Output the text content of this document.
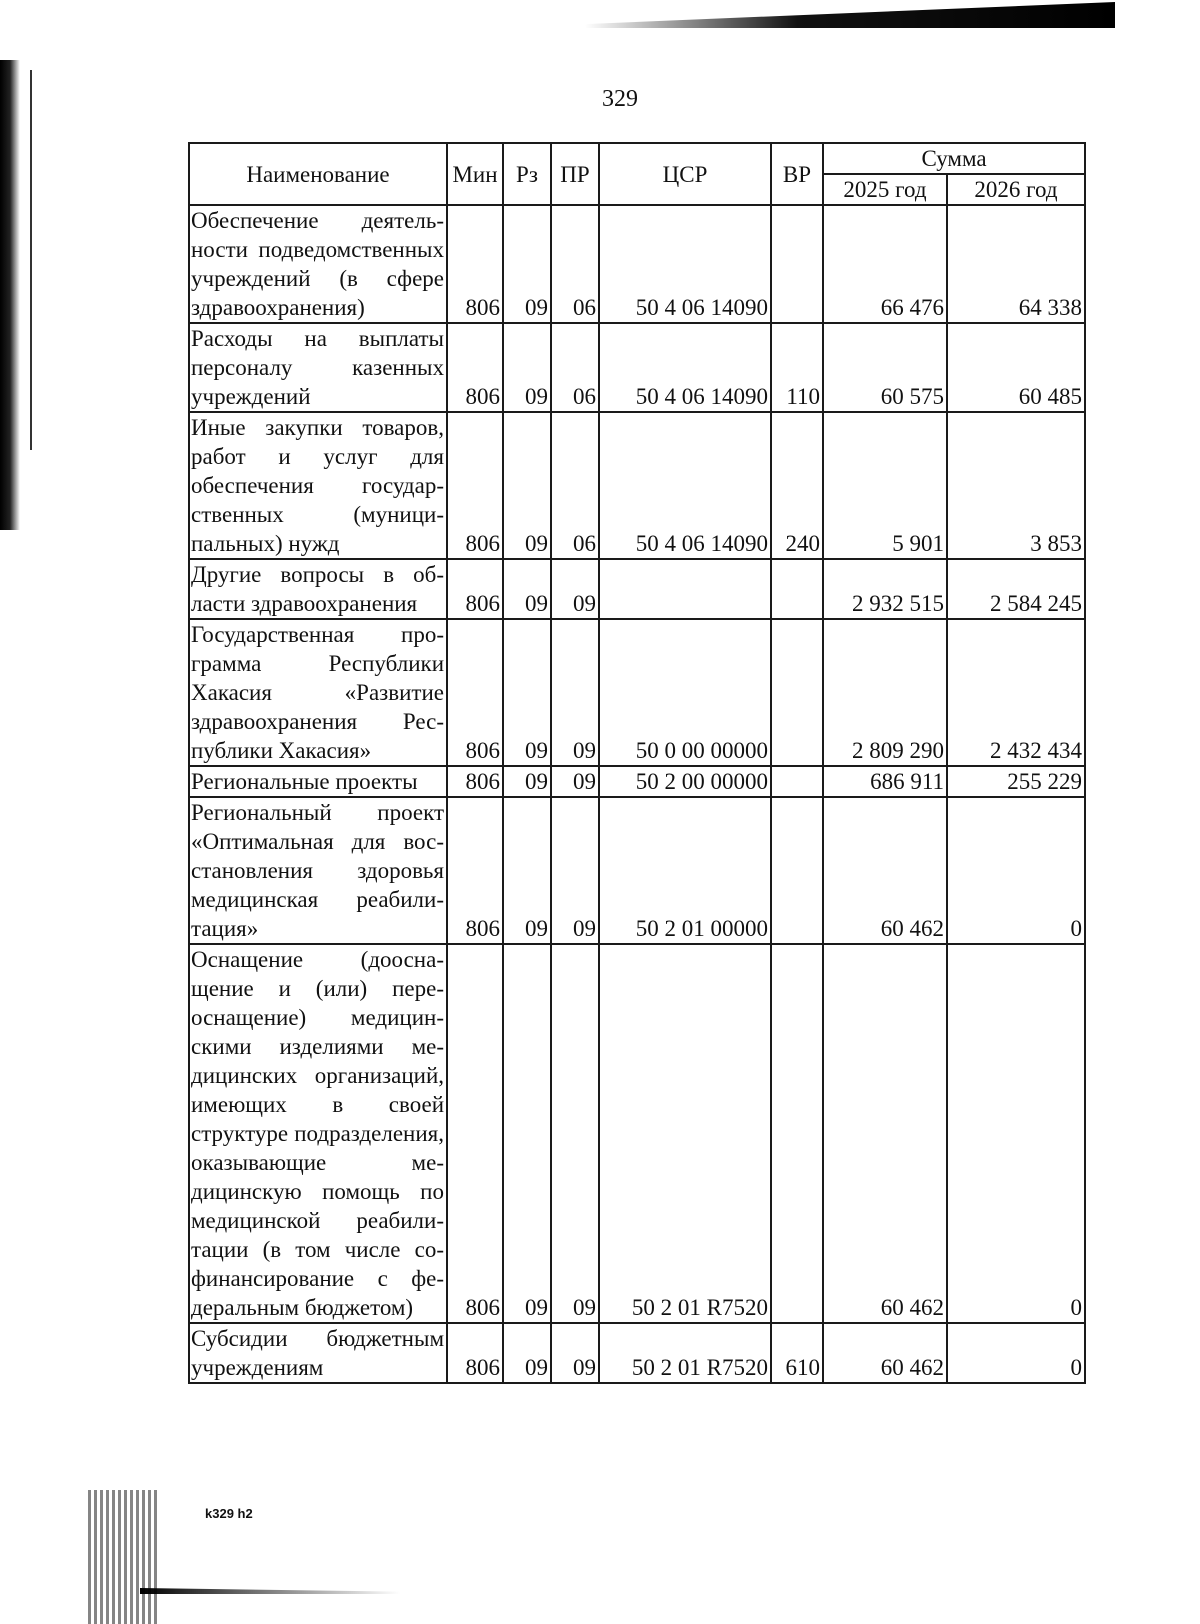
329
Наименование	Мин	Рз	ПР	ЦСР	ВР	Сумма	
						2025 год	2026 год
Обеспечение деятельности подведомственных учреждений (в сфере здравоохранения)	806	09	06	50 4 06 14090		66 476	64 338
Расходы на выплаты персоналу казенных учреждений	806	09	06	50 4 06 14090	110	60 575	60 485
Иные закупки товаров, работ и услуг для обеспечения государственных (муниципальных) нужд	806	09	06	50 4 06 14090	240	5 901	3 853
Другие вопросы в области здравоохранения	806	09	09			2 932 515	2 584 245
Государственная программа Республики Хакасия «Развитие здравоохранения Республики Хакасия»	806	09	09	50 0 00 00000		2 809 290	2 432 434
Региональные проекты	806	09	09	50 2 00 00000		686 911	255 229
Региональный проект «Оптимальная для восстановления здоровья медицинская реабилитация»	806	09	09	50 2 01 00000		60 462	0
Оснащение (дооснащение и (или) переоснащение) медицинскими изделиями медицинских организаций, имеющих в своей структуре подразделения, оказывающие медицинскую помощь по медицинской реабилитации (в том числе софинансирование с федеральным бюджетом)	806	09	09	50 2 01 R7520		60 462	0
Субсидии бюджетным учреждениям	806	09	09	50 2 01 R7520	610	60 462	0
k329 h2
